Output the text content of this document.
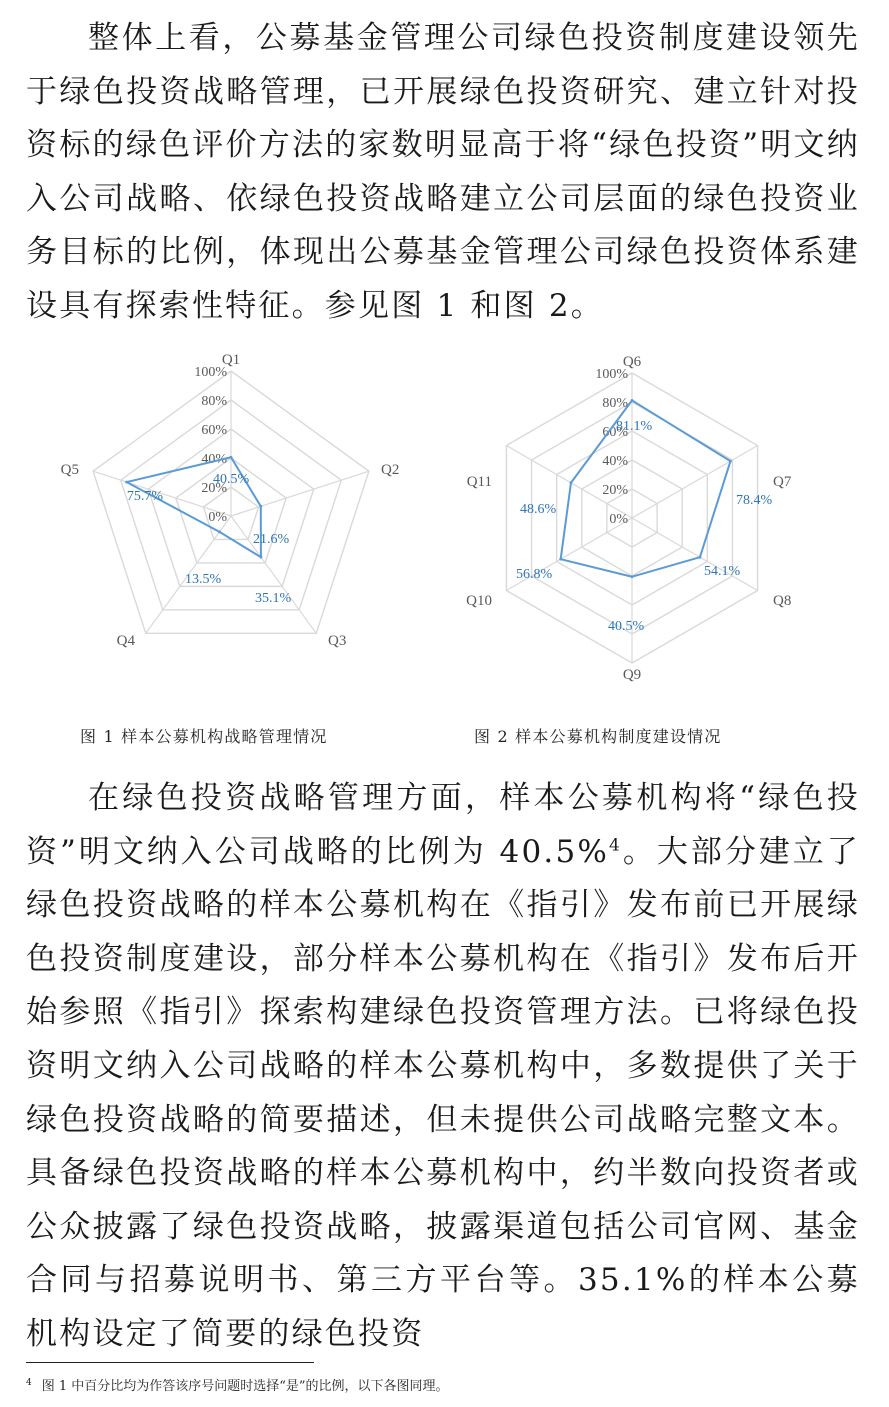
整体上看，公募基金管理公司绿色投资制度建设领先于绿色投资战略管理，已开展绿色投资研究、建立针对投资标的绿色评价方法的家数明显高于将“绿色投资”明文纳入公司战略、依绿色投资战略建立公司层面的绿色投资业务目标的比例，体现出公募基金管理公司绿色投资体系建设具有探索性特征。参见图 1 和图 2。

0%
20%
40%
60%
80%
100%
Q1
Q2
Q3
Q4
Q5
40.5%
21.6%
35.1%
13.5%
75.7%
0%
20%
40%
60%
80%
100%
Q6
Q7
Q8
Q9
Q10
Q11
81.1%
78.4%
54.1%
40.5%
56.8%
48.6%
图 1 样本公募机构战略管理情况	图 2 样本公募机构制度建设情况

在绿色投资战略管理方面，样本公募机构将“绿色投资”明文纳入公司战略的比例为 40.5%$^4$。大部分建立了绿色投资战略的样本公募机构在《指引》发布前已开展绿色投资制度建设，部分样本公募机构在《指引》发布后开始参照《指引》探索构建绿色投资管理方法。已将绿色投资明文纳入公司战略的样本公募机构中，多数提供了关于绿色投资战略的简要描述，但未提供公司战略完整文本。具备绿色投资战略的样本公募机构中，约半数向投资者或公众披露了绿色投资战略，披露渠道包括公司官网、基金合同与招募说明书、第三方平台等。35.1%的样本公募机构设定了简要的绿色投资

$^4$ 图 1 中百分比均为作答该序号问题时选择“是”的比例，以下各图同理。
